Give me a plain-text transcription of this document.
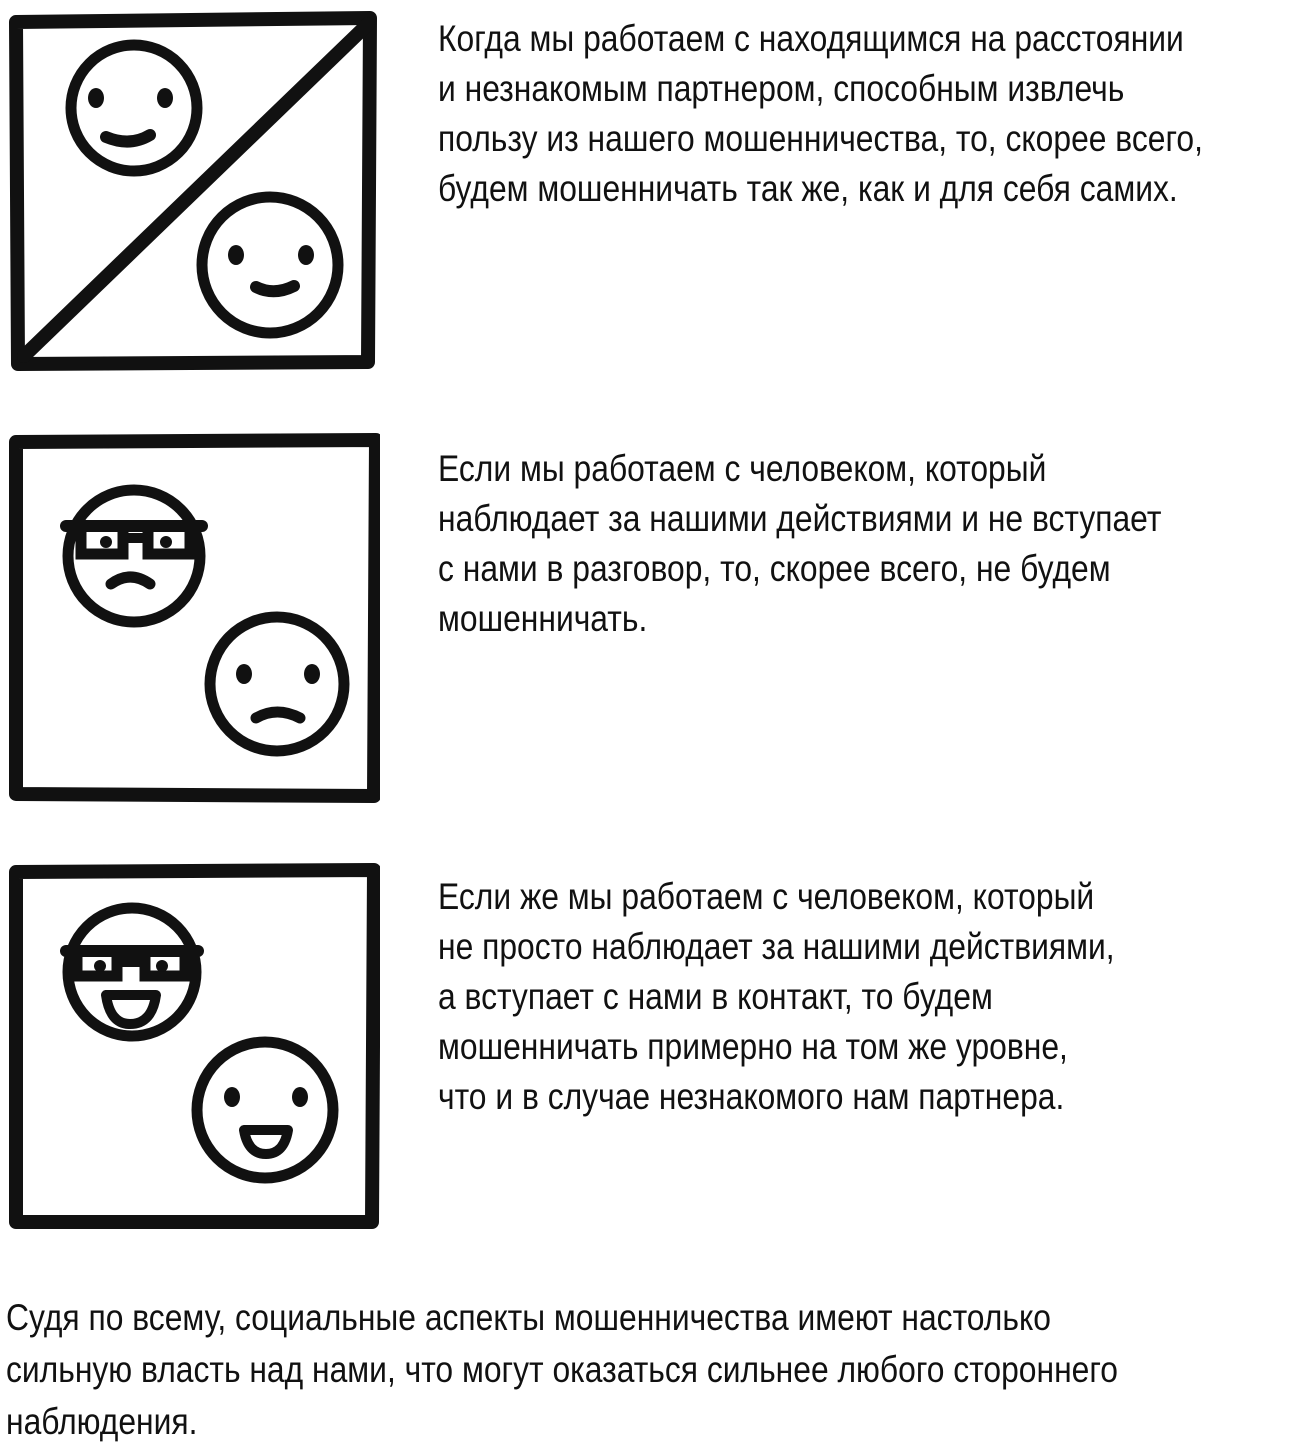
Когда мы работаем с находящимся на расстоянии
и незнакомым партнером, способным извлечь
пользу из нашего мошенничества, то, скорее всего,
будем мошенничать так же, как и для себя самих.
Если мы работаем с человеком, который
наблюдает за нашими действиями и не вступает
с нами в разговор, то, скорее всего, не будем
мошенничать.
Если же мы работаем с человеком, который
не просто наблюдает за нашими действиями,
а вступает с нами в контакт, то будем
мошенничать примерно на том же уровне,
что и в случае незнакомого нам партнера.
Судя по всему, социальные аспекты мошенничества имеют настолько
сильную власть над нами, что могут оказаться сильнее любого стороннего
наблюдения.
